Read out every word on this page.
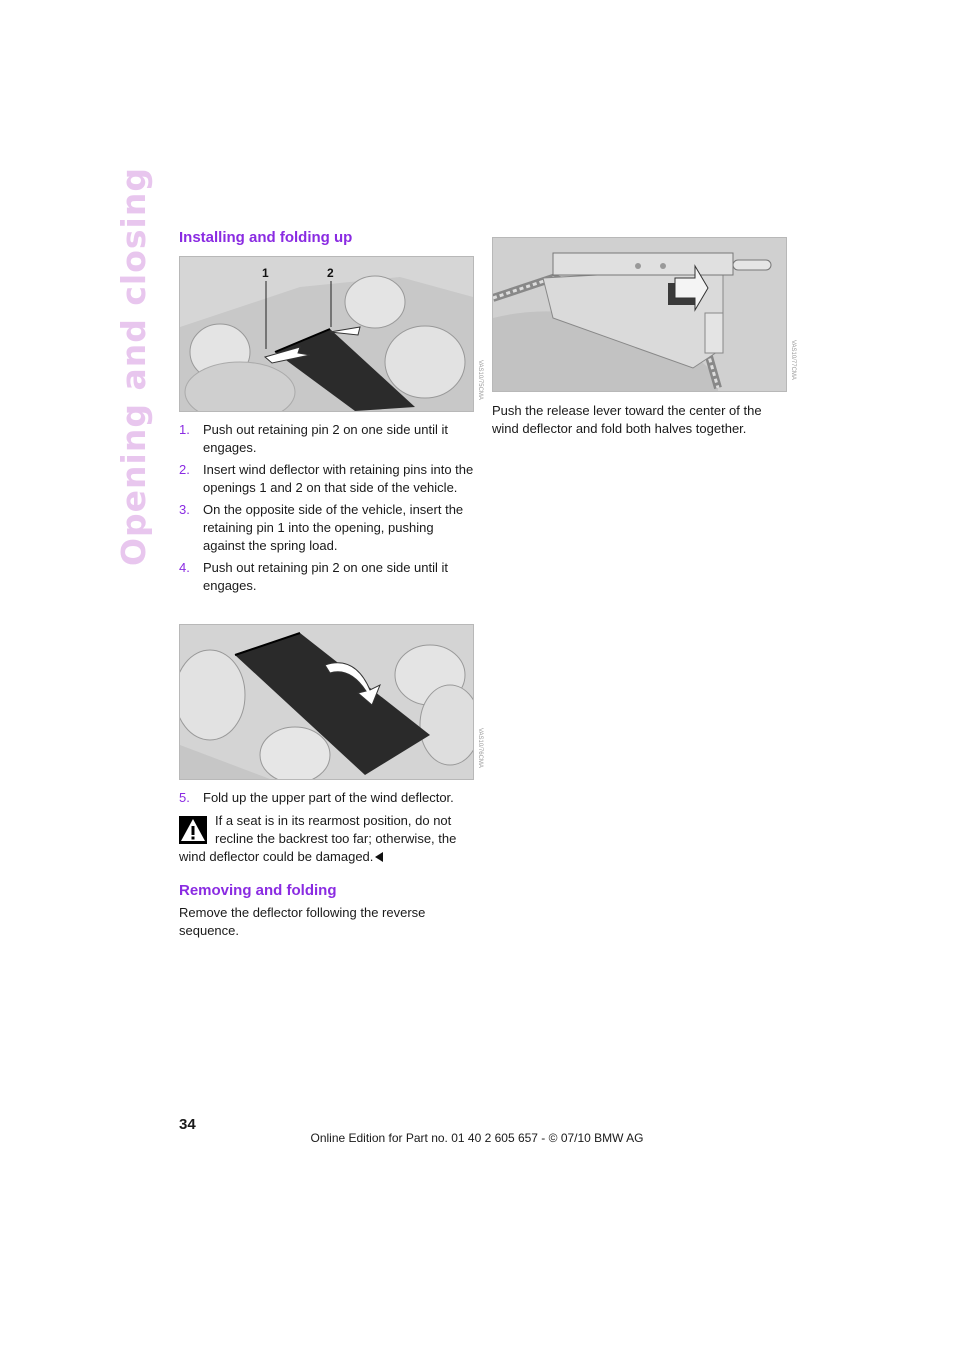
Opening and closing Installing and folding up
1	2
VAS10/75CMA
1. Push out retaining pin 2 on one side until it engages.
2. Insert wind deflector with retaining pins into the openings 1 and 2 on that side of the vehicle.
3. On the opposite side of the vehicle, insert the retaining pin 1 into the opening, pushing against the spring load.
4. Push out retaining pin 2 on one side until it engages.
VAS10/76CMA
5. Fold up the upper part of the wind deflector.
If a seat is in its rearmost position, do not recline the backrest too far; otherwise, the wind deflector could be damaged.
Removing and folding

Remove the deflector following the reverse sequence.

VAS10/77CMA

Push the release lever toward the center of the wind deflector and fold both halves together.

34

Online Edition for Part no. 01 40 2 605 657 - © 07/10 BMW AG
